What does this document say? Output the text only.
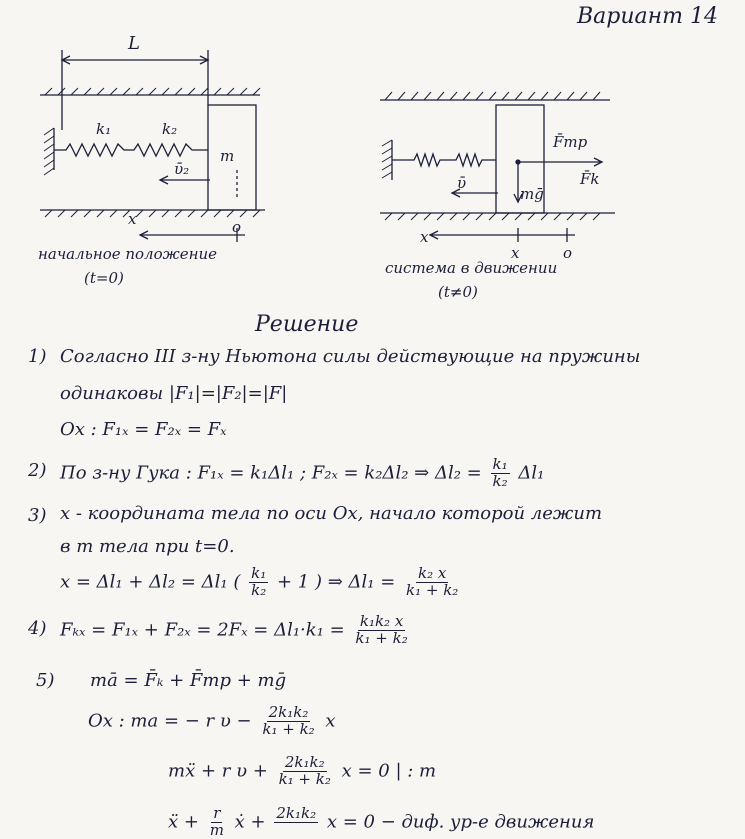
Вариант 14
L
k₁	k₂
m
ῡ₂
x	o
начальное положение
(t=0)
F̄тр
F̄k
ῡ
mḡ
x
x	o
система в движении
(t≠0)
Решение
1) Согласно III з-ну Ньютона силы действующие на пружины
одинаковы |F₁|=|F₂|=|F|
Ox : F₁ₓ = F₂ₓ = Fₓ
2) По з-ну Гука : F₁ₓ = k₁Δl₁ ; F₂ₓ = k₂Δl₂ ⇒ $\Delta l_2 = \frac{\text{k₁}}{\text{k₂}} \Delta l_1$
3) x - координата тела по оси Ox, начало которой лежит
в m тела при t=0.
x = Δl₁ + Δl₂ = Δl₁ ( $\frac{\text{k₁}}{\text{k₂}} + 1$ ) ⇒ $\Delta l_1 = \frac{\text{k₂ x}}{\text{k₁ + k₂}}$
4) $F_{kx} = F_{1x} + F_{2x} = 2F_x = \Delta l_1\cdot k_1 = \frac{\text{k₁k₂ x}}{\text{k₁ + k₂}}$
5) mā = F̄ₖ + F̄тр + mḡ
Ox : ma = − r $\upsilon - \frac{\text{2k₁k₂}}{\text{k₁ + k₂}}$ x
mẍ + r $\upsilon + \frac{\text{2k₁k₂}}{\text{k₁ + k₂}}$ x = 0 | : m
ẍ + $\frac{r}{m}$ ẋ + 2k₁k₂
x = 0 − диф. ур-е движения
